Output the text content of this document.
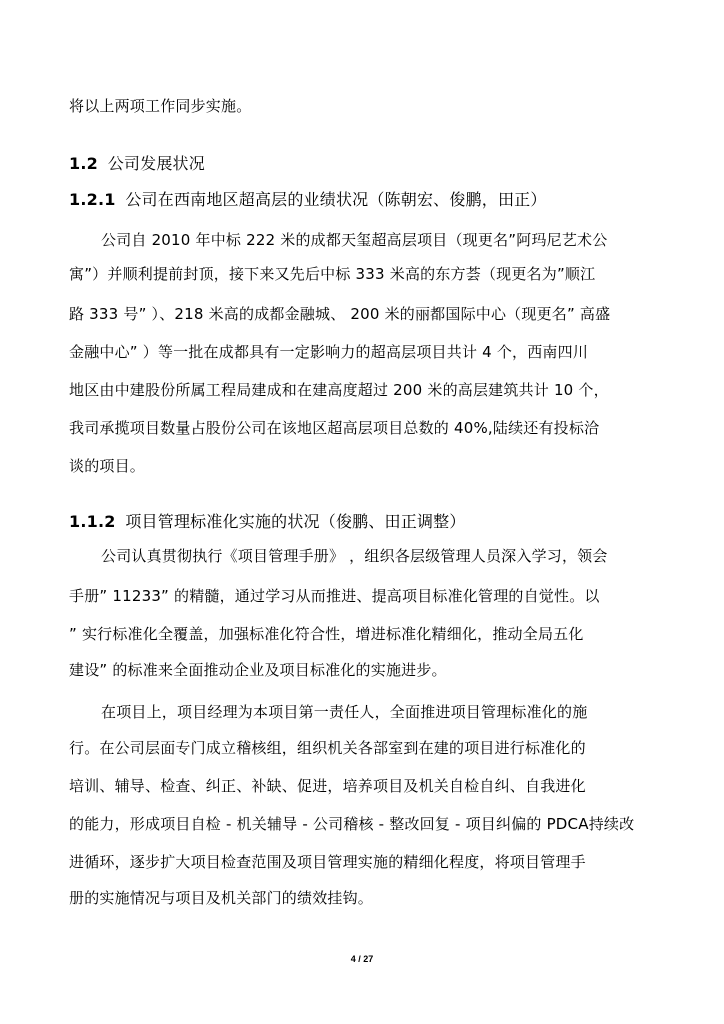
将以上两项工作同步实施。
1.2 公司发展状况
1.2.1 公司在西南地区超高层的业绩状况（陈朝宏、俊鹏，田正）
公司自 2010 年中标 222 米的成都天玺超高层项目（现更名”阿玛尼艺术公
寓”）并顺利提前封顶，接下来又先后中标 333 米高的东方荟（现更名为”顺江
路 333 号” ）、218 米高的成都金融城、 200 米的丽都国际中心（现更名” 高盛
金融中心” ）等一批在成都具有一定影响力的超高层项目共计 4 个，西南四川
地区由中建股份所属工程局建成和在建高度超过 200 米的高层建筑共计 10 个，
我司承揽项目数量占股份公司在该地区超高层项目总数的 40%,陆续还有投标洽
谈的项目。
1.1.2 项目管理标准化实施的状况（俊鹏、田正调整）
公司认真贯彻执行《项目管理手册》 ，组织各层级管理人员深入学习，领会
手册” 11233” 的精髓，通过学习从而推进、提高项目标准化管理的自觉性。以
” 实行标准化全覆盖，加强标准化符合性，增进标准化精细化，推动全局五化
建设” 的标准来全面推动企业及项目标准化的实施进步。
在项目上，项目经理为本项目第一责任人，全面推进项目管理标准化的施
行。在公司层面专门成立稽核组，组织机关各部室到在建的项目进行标准化的
培训、辅导、检查、纠正、补缺、促进，培养项目及机关自检自纠、自我进化
的能力，形成项目自检 - 机关辅导 - 公司稽核 - 整改回复 - 项目纠偏的 PDCA持续改
进循环，逐步扩大项目检查范围及项目管理实施的精细化程度，将项目管理手
册的实施情况与项目及机关部门的绩效挂钩。
4 / 27
